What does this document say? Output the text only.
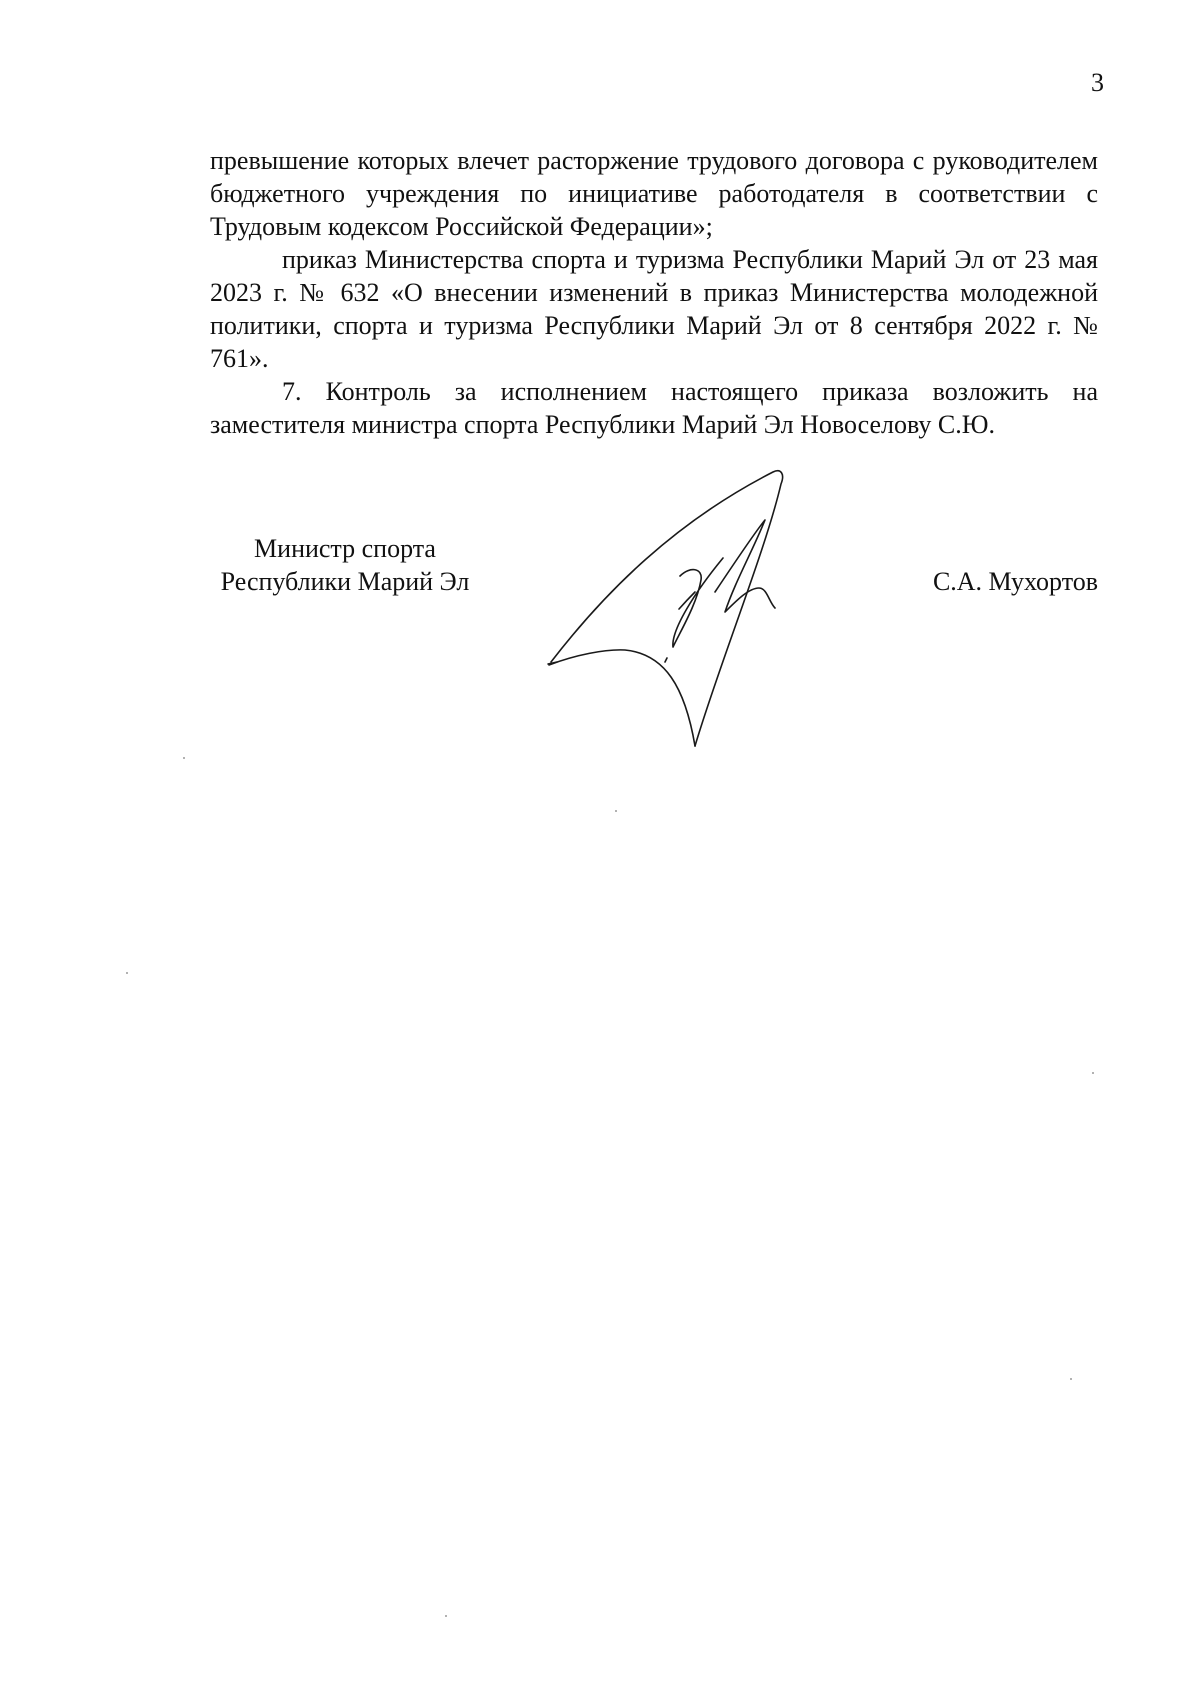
3

превышение которых влечет расторжение трудового договора с руководителем бюджетного учреждения по инициативе работодателя в соответствии с Трудовым кодексом Российской Федерации»;

приказ Министерства спорта и туризма Республики Марий Эл от 23 мая 2023 г. № 632 «О внесении изменений в приказ Министерства молодежной политики, спорта и туризма Республики Марий Эл от 8 сентября 2022 г. № 761».

7. Контроль за исполнением настоящего приказа возложить на заместителя министра спорта Республики Марий Эл Новоселову С.Ю.

Министр спорта
Республики Марий Эл	С.А. Мухортов
